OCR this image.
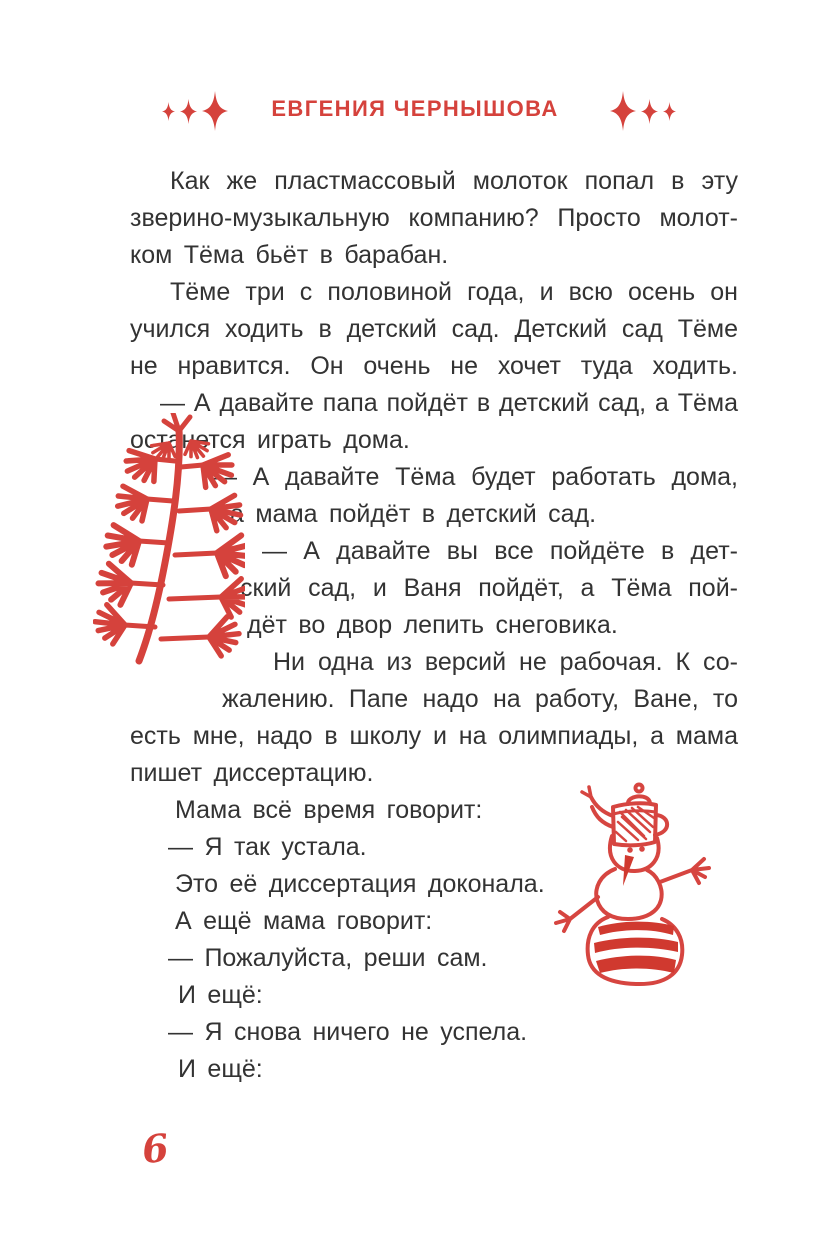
ЕВГЕНИЯ ЧЕРНЫШОВА
Как же пластмассовый молоток попал в эту
зверино-музыкальную компанию? Просто молот-
ком Тёма бьёт в барабан.
Тёме три с половиной года, и всю осень он
учился ходить в детский сад. Детский сад Тёме
не нравится. Он очень не хочет туда ходить.
— А давайте папа пойдёт в детский сад, а Тёма
останется играть дома.
— А давайте Тёма будет работать дома,
а мама пойдёт в детский сад.
— А давайте вы все пойдёте в дет-
ский сад, и Ваня пойдёт, а Тёма пой-
дёт во двор лепить снеговика.
Ни одна из версий не рабочая. К со-
жалению. Папе надо на работу, Ване, то
есть мне, надо в школу и на олимпиады, а мама
пишет диссертацию.
Мама всё время говорит:
— Я так устала.
Это её диссертация доконала.
А ещё мама говорит:
— Пожалуйста, реши сам.
И ещё:
— Я снова ничего не успела.
И ещё:
6
